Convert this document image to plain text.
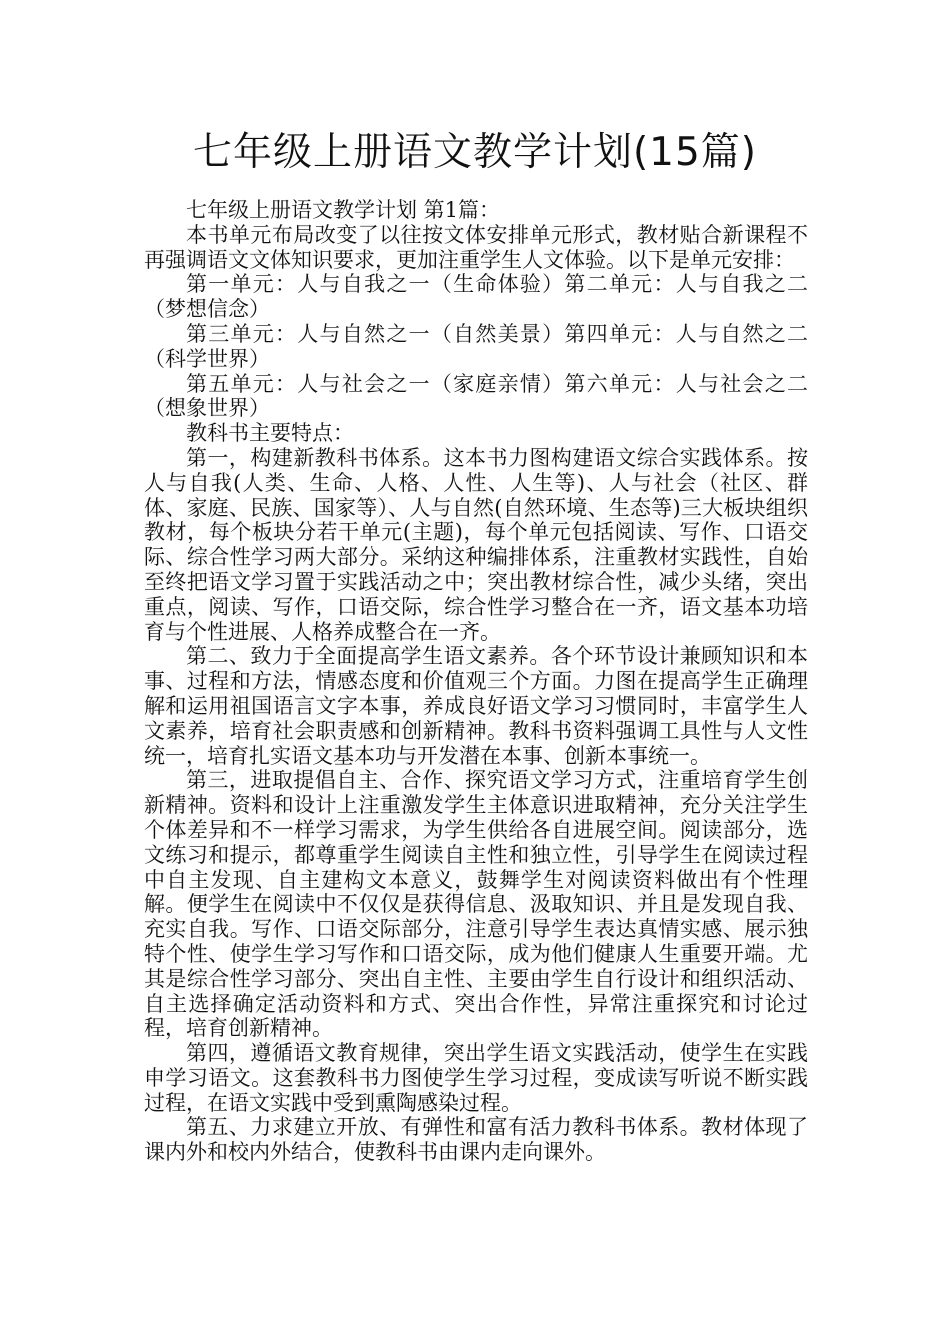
七年级上册语文教学计划(15篇)

七年级上册语文教学计划 第1篇：

本书单元布局改变了以往按文体安排单元形式，教材贴合新课程不再强调语文文体知识要求，更加注重学生人文体验。以下是单元安排：

第一单元：人与自我之一（生命体验）第二单元：人与自我之二（梦想信念）

第三单元：人与自然之一（自然美景）第四单元：人与自然之二（科学世界）

第五单元：人与社会之一（家庭亲情）第六单元：人与社会之二（想象世界）

教科书主要特点：

第一，构建新教科书体系。这本书力图构建语文综合实践体系。按人与自我(人类、生命、人格、人性、人生等)、人与社会（社区、群体、家庭、民族、国家等）、人与自然(自然环境、生态等)三大板块组织教材，每个板块分若干单元(主题)，每个单元包括阅读、写作、口语交际、综合性学习两大部分。采纳这种编排体系，注重教材实践性，自始至终把语文学习置于实践活动之中；突出教材综合性，减少头绪，突出重点，阅读、写作，口语交际，综合性学习整合在一齐，语文基本功培育与个性进展、人格养成整合在一齐。

第二、致力于全面提高学生语文素养。各个环节设计兼顾知识和本事、过程和方法，情感态度和价值观三个方面。力图在提高学生正确理解和运用祖国语言文字本事，养成良好语文学习习惯同时，丰富学生人文素养，培育社会职责感和创新精神。教科书资料强调工具性与人文性统一，培育扎实语文基本功与开发潜在本事、创新本事统一。

第三，进取提倡自主、合作、探究语文学习方式，注重培育学生创新精神。资料和设计上注重激发学生主体意识进取精神，充分关注学生个体差异和不一样学习需求，为学生供给各自进展空间。阅读部分，选文练习和提示，都尊重学生阅读自主性和独立性，引导学生在阅读过程中自主发现、自主建构文本意义，鼓舞学生对阅读资料做出有个性理解。便学生在阅读中不仅仅是获得信息、汲取知识、并且是发现自我、充实自我。写作、口语交际部分，注意引导学生表达真情实感、展示独特个性、使学生学习写作和口语交际，成为他们健康人生重要开端。尤其是综合性学习部分、突出自主性、主要由学生自行设计和组织活动、自主选择确定活动资料和方式、突出合作性，异常注重探究和讨论过程，培育创新精神。

第四，遵循语文教育规律，突出学生语文实践活动，使学生在实践申学习语文。这套教科书力图使学生学习过程，变成读写听说不断实践过程，在语文实践中受到熏陶感染过程。

第五、力求建立开放、有弹性和富有活力教科书体系。教材体现了课内外和校内外结合，使教科书由课内走向课外。
